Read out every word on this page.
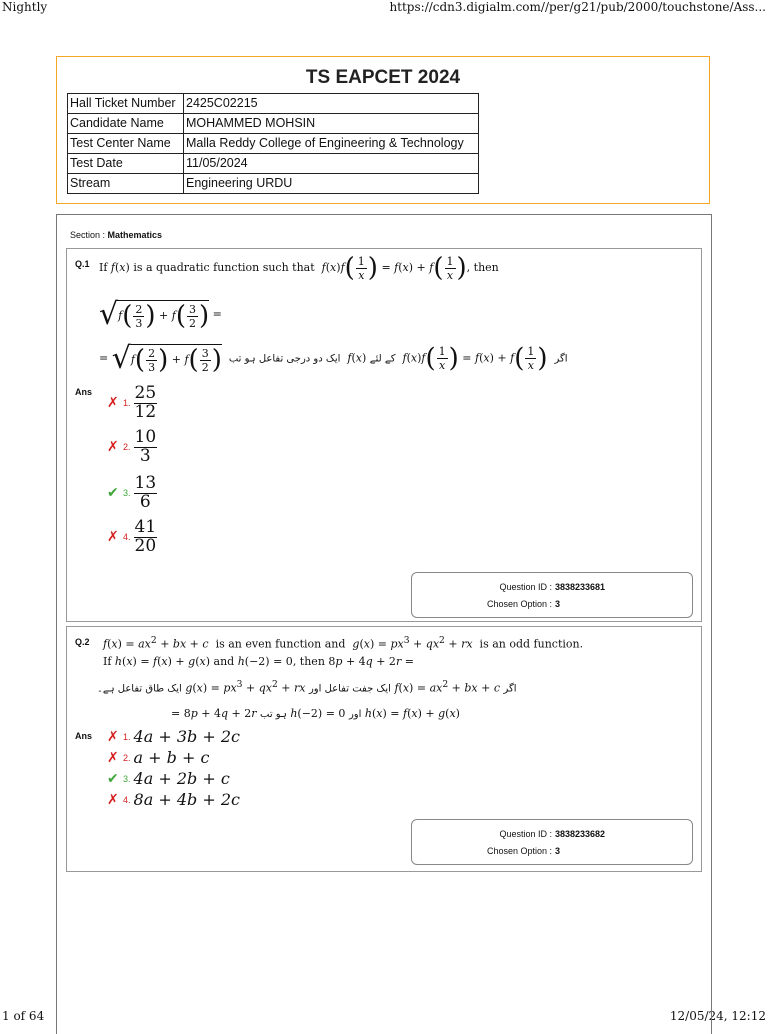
Nightly	https://cdn3.digialm.com//per/g21/pub/2000/touchstone/Ass...
1 of 64	12/05/24, 12:12
TS EAPCET 2024
Hall Ticket Number	2425C02215
Candidate Name	MOHAMMED MOHSIN
Test Center Name	Malla Reddy College of Engineering & Technology
Test Date	11/05/2024
Stream	Engineering URDU
Section : Mathematics
Q.1 If f(x) is a quadratic function such that $f(x)f( \frac{1}{x}$ ) = $f(x) + f( \frac{1}{x}$ ), then
$√f( \frac{2}{3}$ ) + $f( \frac{3}{2}$ ) =
= $√f( \frac{2}{3}$ ) + $f( \frac{3}{2}$ ) ایک دو درجی تفاعل ہو تب f(x) کے لئے $f(x)f( \frac{1}{x}$ ) = $f(x) + f( \frac{1}{x}$ ) اگر
Ans
✗ 1. $\frac{25}{12}$
✗ 2. $\frac{10}{3}$
✔ 3. $\frac{13}{6}$
✗ 4. $\frac{41}{20}$
Question ID : 3838233681
Chosen Option : 3
Q.2 $f(x) = ax^2$ + bx + c is an even function and $g(x) = px^3 + qx^2$ + rx is an odd function.
If h(x) = f(x) + g(x) and h(−2) = 0, then 8p + 4q + 2r =
ایک طاق تفاعل ہے۔ $g(x) = px^3 + qx^2$ + rx ایک جفت تفاعل اور $f(x) = ax^2$ + bx + c اگر
= 8p + 4q + 2r ہو تب h(−2) = 0 اور h(x) = f(x) + g(x)
Ans ✗ 1. 4a + 3b + 2c
✗ 2. a + b + c
✔ 3. 4a + 2b + c
✗ 4. 8a + 4b + 2c
Question ID : 3838233682
Chosen Option : 3
